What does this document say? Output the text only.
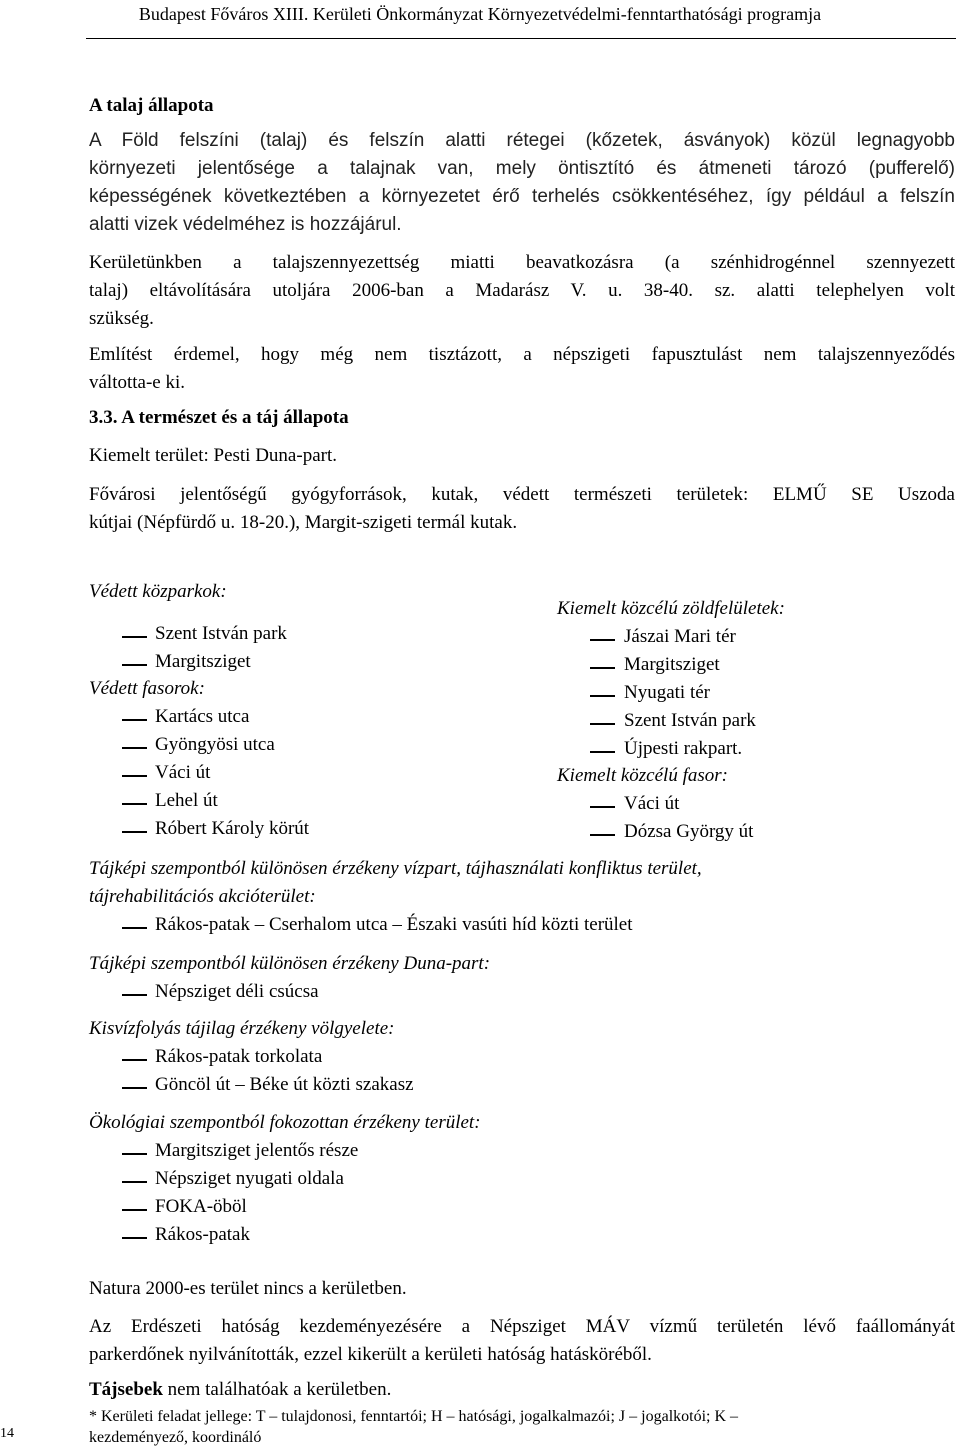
Budapest Főváros XIII. Kerületi Önkormányzat Környezetvédelmi-fenntarthatósági programja
A talaj állapota
A Föld felszíni (talaj) és felszín alatti rétegei (kőzetek, ásványok) közül legnagyobb
környezeti jelentősége a talajnak van, mely öntisztító és átmeneti tározó (pufferelő)
képességének következtében a környezetet érő terhelés csökkentéséhez, így például a felszín
alatti vizek védelméhez is hozzájárul.
Kerületünkben a talajszennyezettség miatti beavatkozásra (a szénhidrogénnel szennyezett
talaj) eltávolítására utoljára 2006-ban a Madarász V. u. 38-40. sz. alatti telephelyen volt
szükség.
Említést érdemel, hogy még nem tisztázott, a népszigeti fapusztulást nem talajszennyeződés
váltotta-e ki.
3.3. A természet és a táj állapota
Kiemelt terület: Pesti Duna-part.
Fővárosi jelentőségű gyógyforrások, kutak, védett természeti területek: ELMŰ SE Uszoda
kútjai (Népfürdő u. 18-20.), Margit-szigeti termál kutak.
Védett közparkok:
Szent István park
Margitsziget
Védett fasorok:
Kartács utca
Gyöngyösi utca
Váci út
Lehel út
Róbert Károly körút
Kiemelt közcélú zöldfelületek:
Jászai Mari tér
Margitsziget
Nyugati tér
Szent István park
Újpesti rakpart.
Kiemelt közcélú fasor:
Váci út
Dózsa György út
Tájképi szempontból különösen érzékeny vízpart, tájhasználati konfliktus terület,
tájrehabilitációs akcióterület:
Rákos-patak – Cserhalom utca – Északi vasúti híd közti terület
Tájképi szempontból különösen érzékeny Duna-part:
Népsziget déli csúcsa
Kisvízfolyás tájilag érzékeny völgyelete:
Rákos-patak torkolata
Göncöl út – Béke út közti szakasz
Ökológiai szempontból fokozottan érzékeny terület:
Margitsziget jelentős része
Népsziget nyugati oldala
FOKA-öböl
Rákos-patak
Natura 2000-es terület nincs a kerületben.
Az Erdészeti hatóság kezdeményezésére a Népsziget MÁV vízmű területén lévő faállományát
parkerdőnek nyilvánították, ezzel kikerült a kerületi hatóság hatásköréből.
Tájsebek nem találhatóak a kerületben.
14
* Kerületi feladat jellege: T – tulajdonosi, fenntartói; H – hatósági, jogalkalmazói; J – jogalkotói; K –
kezdeményező, koordináló
